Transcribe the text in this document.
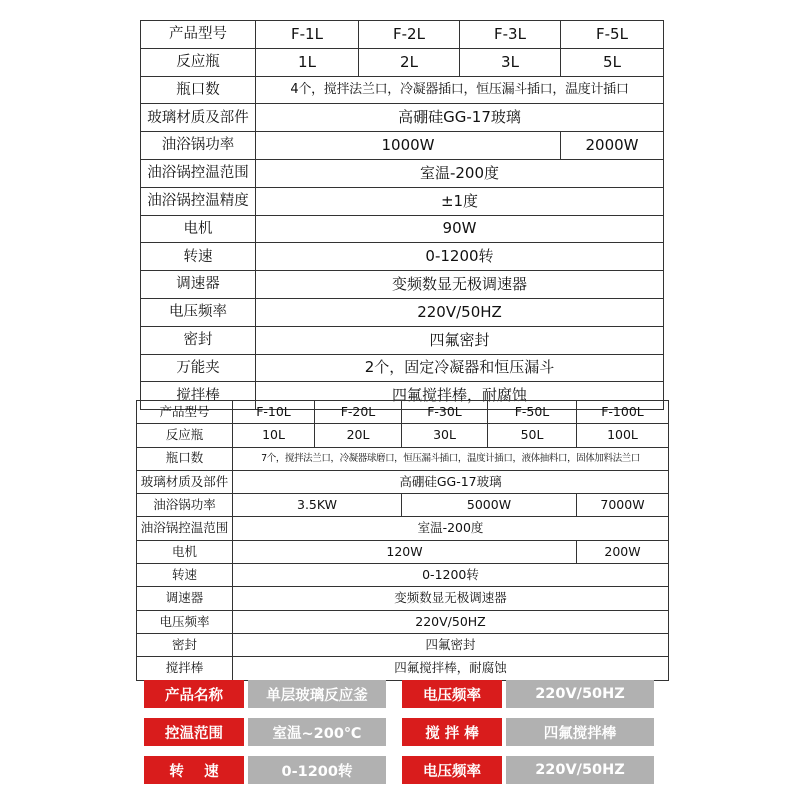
产品型号	F-1L	F-2L	F-3L	F-5L
反应瓶	1L	2L	3L	5L
瓶口数	4个，搅拌法兰口，冷凝器插口，恒压漏斗插口，温度计插口			
玻璃材质及部件	高硼硅GG-17玻璃			
油浴锅功率	1000W			2000W
油浴锅控温范围	室温-200度			
油浴锅控温精度	±1度			
电机	90W			
转速	0-1200转			
调速器	变频数显无极调速器			
电压频率	220V/50HZ			
密封	四氟密封			
万能夹	2个，固定冷凝器和恒压漏斗			
搅拌棒	四氟搅拌棒，耐腐蚀			
产品型号	F-10L	F-20L	F-30L	F-50L	F-100L
反应瓶	10L	20L	30L	50L	100L
瓶口数	7个，搅拌法兰口，冷凝器球磨口，恒压漏斗插口，温度计插口，液体抽料口，固体加料法兰口				
玻璃材质及部件	高硼硅GG-17玻璃				
油浴锅功率	3.5KW		5000W		7000W
油浴锅控温范围	室温-200度				
电机	120W				200W
转速	0-1200转				
调速器	变频数显无极调速器				
电压频率	220V/50HZ				
密封	四氟密封				
搅拌棒	四氟搅拌棒，耐腐蚀				
产品名称	单层玻璃反应釜	电压频率	220V/50HZ
控温范围	室温~200℃	搅 拌 棒	四氟搅拌棒
转    速	0-1200转	电压频率	220V/50HZ
